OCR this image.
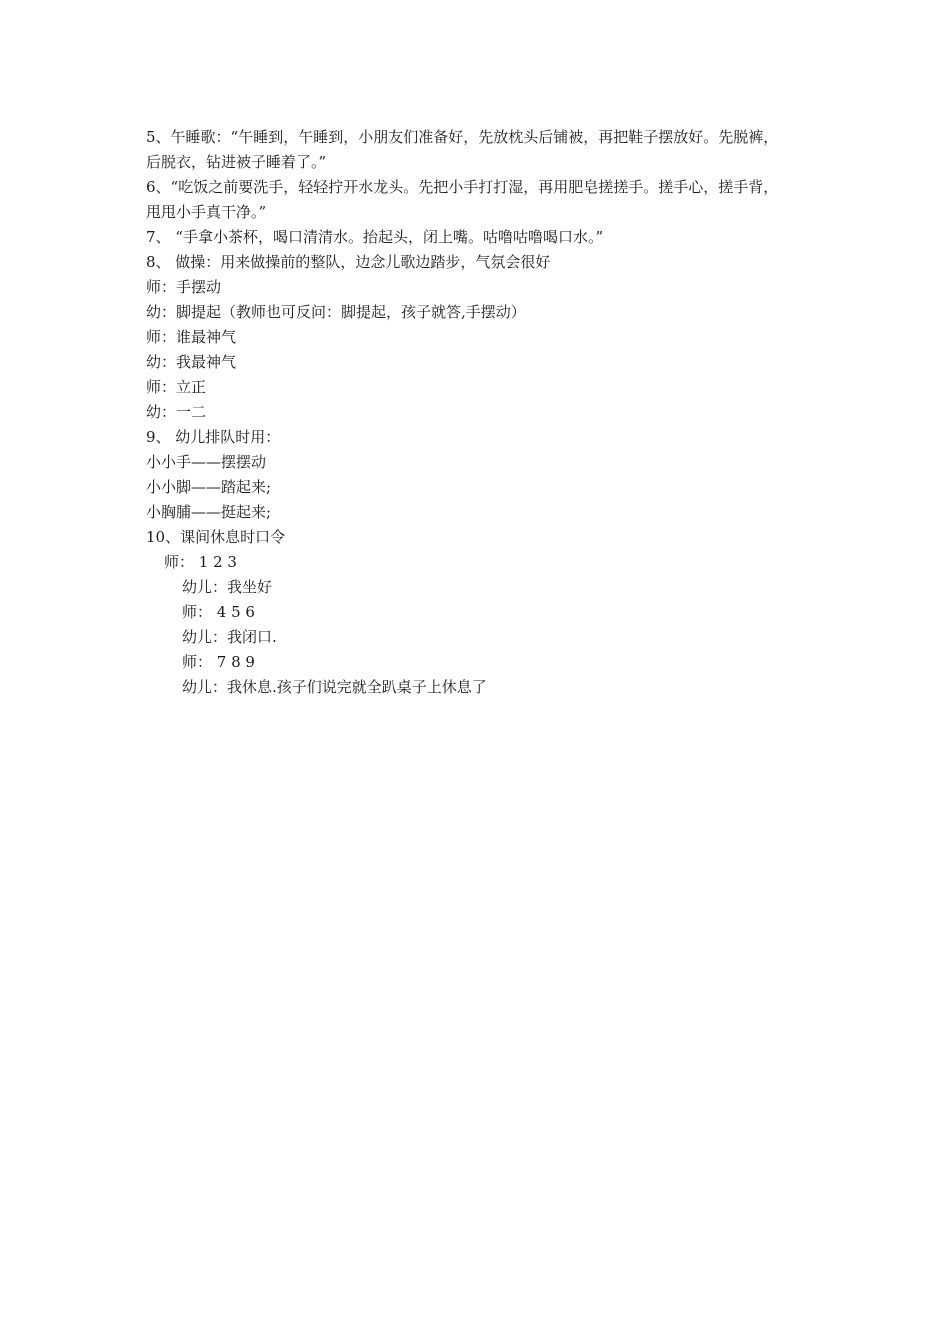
5、午睡歌：“午睡到，午睡到，小朋友们准备好，先放枕头后铺被，再把鞋子摆放好。先脱裤，
后脱衣，钻进被子睡着了。”
6、“吃饭之前要洗手，轻轻拧开水龙头。先把小手打打湿，再用肥皂搓搓手。搓手心，搓手背，
甩甩小手真干净。”
7、 “手拿小茶杯，喝口清清水。抬起头，闭上嘴。咕噜咕噜喝口水。”
8、 做操：用来做操前的整队，边念儿歌边踏步，气氛会很好
师：手摆动
幼：脚提起（教师也可反问：脚提起，孩子就答,手摆动）
师：谁最神气
幼：我最神气
师：立正
幼：一二
9、 幼儿排队时用：
小小手——摆摆动
小小脚——踏起来;
小胸脯——挺起来;
10、课间休息时口令
师： 1 2 3
幼儿：我坐好
师： 4 5 6
幼儿：我闭口.
师： 7 8 9
幼儿：我休息.孩子们说完就全趴桌子上休息了
